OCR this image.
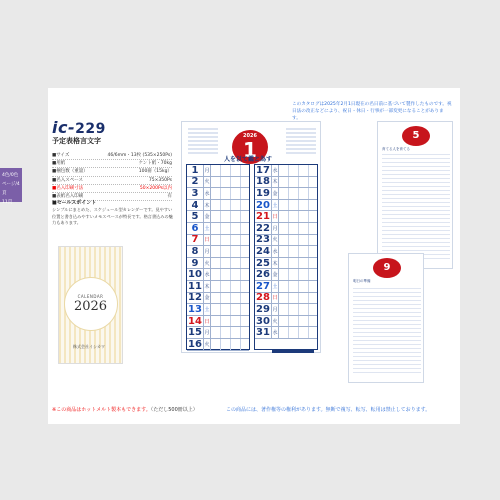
4色/0色
ページ/4頁
11頁
ic-229
予定表格言文字
■サイズ	46/6mm・13枚 (535×250Ps)
■用紙	ケント紙・70kg
■梱包数（重量）	100冊（15kg）
■名入スペース	75×350Ps
■名入印刷寸法	50×200Ps以内
■表紙名入印刷	有
■セールスポイント
シンプルにまとめた、スケジュール型カレンダーです。見やすい位置と書き込みやすいメモスペースが特長です。格言書込みの魅力もあります。
CALENDAR
2026
株式会社イシカワ
このカタログは2025年2月1日現在の名日前に基づいて製作したものです。祝日法の改正などにより、祝日・休日・行事が一部変更になることがあります。
2026
1
人を以て鑑と為す
1	月
2	火
3	水
4	木
5	金
6	土
7	日
8	月
9	火
10 水
11 木
12 金
13 土
14 日
15 月
16 火
17 水
18 木
19 金
20 土
21 日
22 月
23 火
24 水
25 木
26 金
27 土
28 日
29 月
30 火
31 水
5
育てる人を育てる
9
明日の準備
※この商品はホットメルト製本もできます。（ただし500冊以上）	この商品には、著作権等の権利があります。無断で複写、転写、転用は禁止しております。
